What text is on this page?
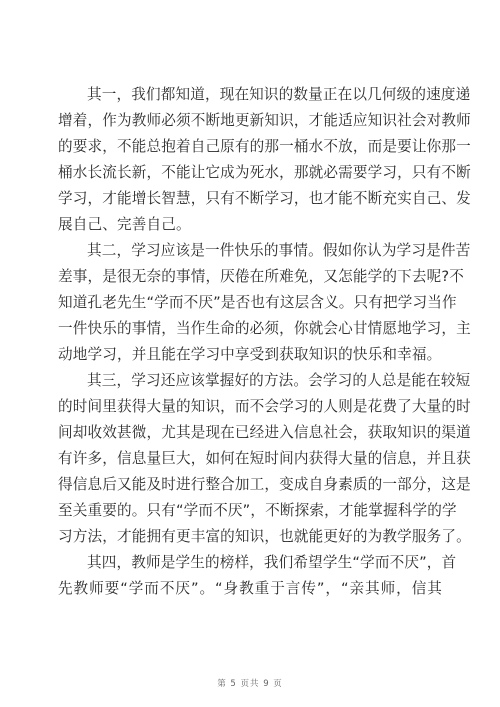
其一，我们都知道，现在知识的数量正在以几何级的速度递
增着，作为教师必须不断地更新知识，才能适应知识社会对教师
的要求，不能总抱着自己原有的那一桶水不放，而是要让你那一
桶水长流长新，不能让它成为死水，那就必需要学习，只有不断
学习，才能增长智慧，只有不断学习，也才能不断充实自己、发
展自己、完善自己。
其二，学习应该是一件快乐的事情。假如你认为学习是件苦
差事，是很无奈的事情，厌倦在所难免，又怎能学的下去呢?不
知道孔老先生“学而不厌”是否也有这层含义。只有把学习当作
一件快乐的事情，当作生命的必须，你就会心甘情愿地学习，主
动地学习，并且能在学习中享受到获取知识的快乐和幸福。
其三，学习还应该掌握好的方法。会学习的人总是能在较短
的时间里获得大量的知识，而不会学习的人则是花费了大量的时
间却收效甚微，尤其是现在已经进入信息社会，获取知识的渠道
有许多，信息量巨大，如何在短时间内获得大量的信息，并且获
得信息后又能及时进行整合加工，变成自身素质的一部分，这是
至关重要的。只有“学而不厌”，不断探索，才能掌握科学的学
习方法，才能拥有更丰富的知识，也就能更好的为教学服务了。
其四，教师是学生的榜样，我们希望学生“学而不厌”，首
先教师要“学而不厌”。“身教重于言传”，“亲其师，信其
第 5 页共 9 页
